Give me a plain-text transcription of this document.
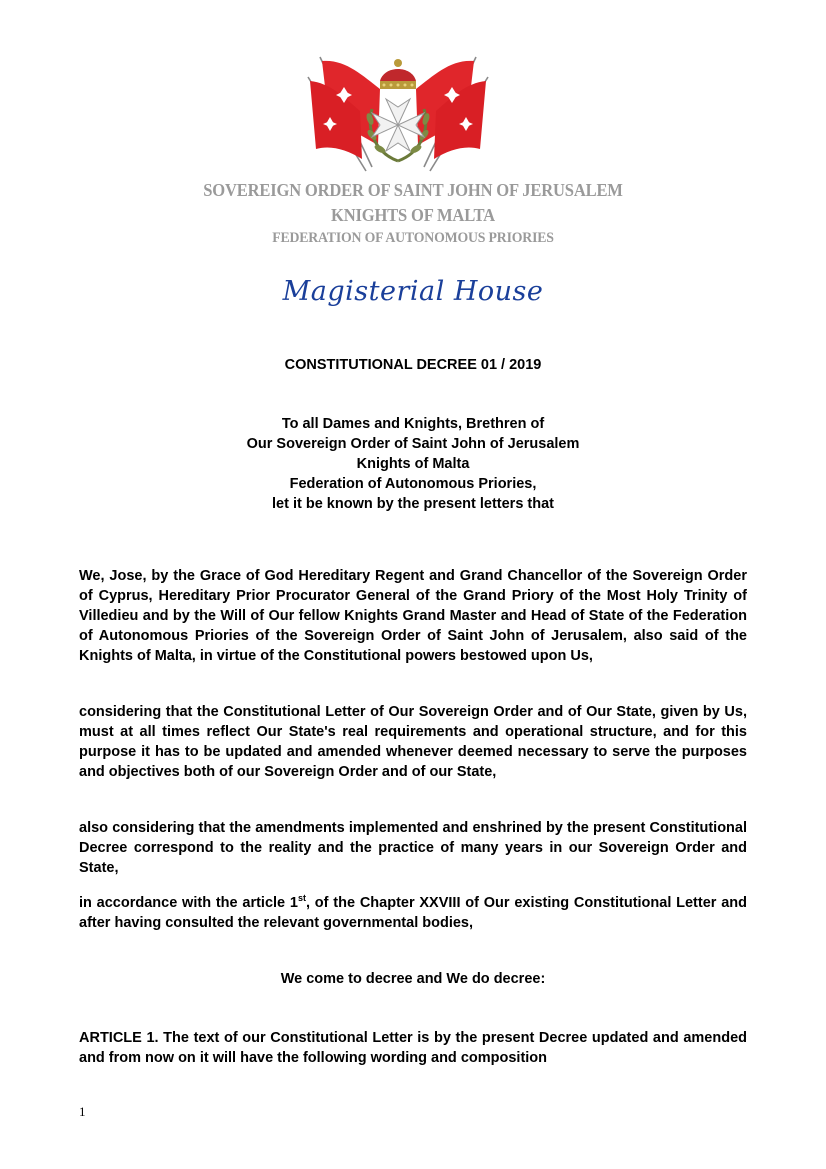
SOVEREIGN ORDER OF SAINT JOHN OF JERUSALEM
KNIGHTS OF MALTA
FEDERATION OF AUTONOMOUS PRIORIES
Magisterial House
CONSTITUTIONAL DECREE 01 / 2019
To all Dames and Knights, Brethren of
Our Sovereign Order of Saint John of Jerusalem
Knights of Malta
Federation of Autonomous Priories,
let it be known by the present letters that
We, Jose, by the Grace of God Hereditary Regent and Grand Chancellor of the Sovereign Order of Cyprus, Hereditary Prior Procurator General of the Grand Priory of the Most Holy Trinity of Villedieu and by the Will of Our fellow Knights Grand Master and Head of State of the Federation of Autonomous Priories of the Sovereign Order of Saint John of Jerusalem, also said of the Knights of Malta, in virtue of the Constitutional powers bestowed upon Us,
considering that the Constitutional Letter of Our Sovereign Order and of Our State, given by Us, must at all times reflect Our State's real requirements and operational structure, and for this purpose it has to be updated and amended whenever deemed necessary to serve the purposes and objectives both of our Sovereign Order and of our State,
also considering that the amendments implemented and enshrined by the present Constitutional Decree correspond to the reality and the practice of many years in our Sovereign Order and State,
in accordance with the article 1st, of the Chapter XXVIII of Our existing Constitutional Letter and after having consulted the relevant governmental bodies,
We come to decree and We do decree:
ARTICLE 1. The text of our Constitutional Letter is by the present Decree updated and amended and from now on it will have the following wording and composition
1
